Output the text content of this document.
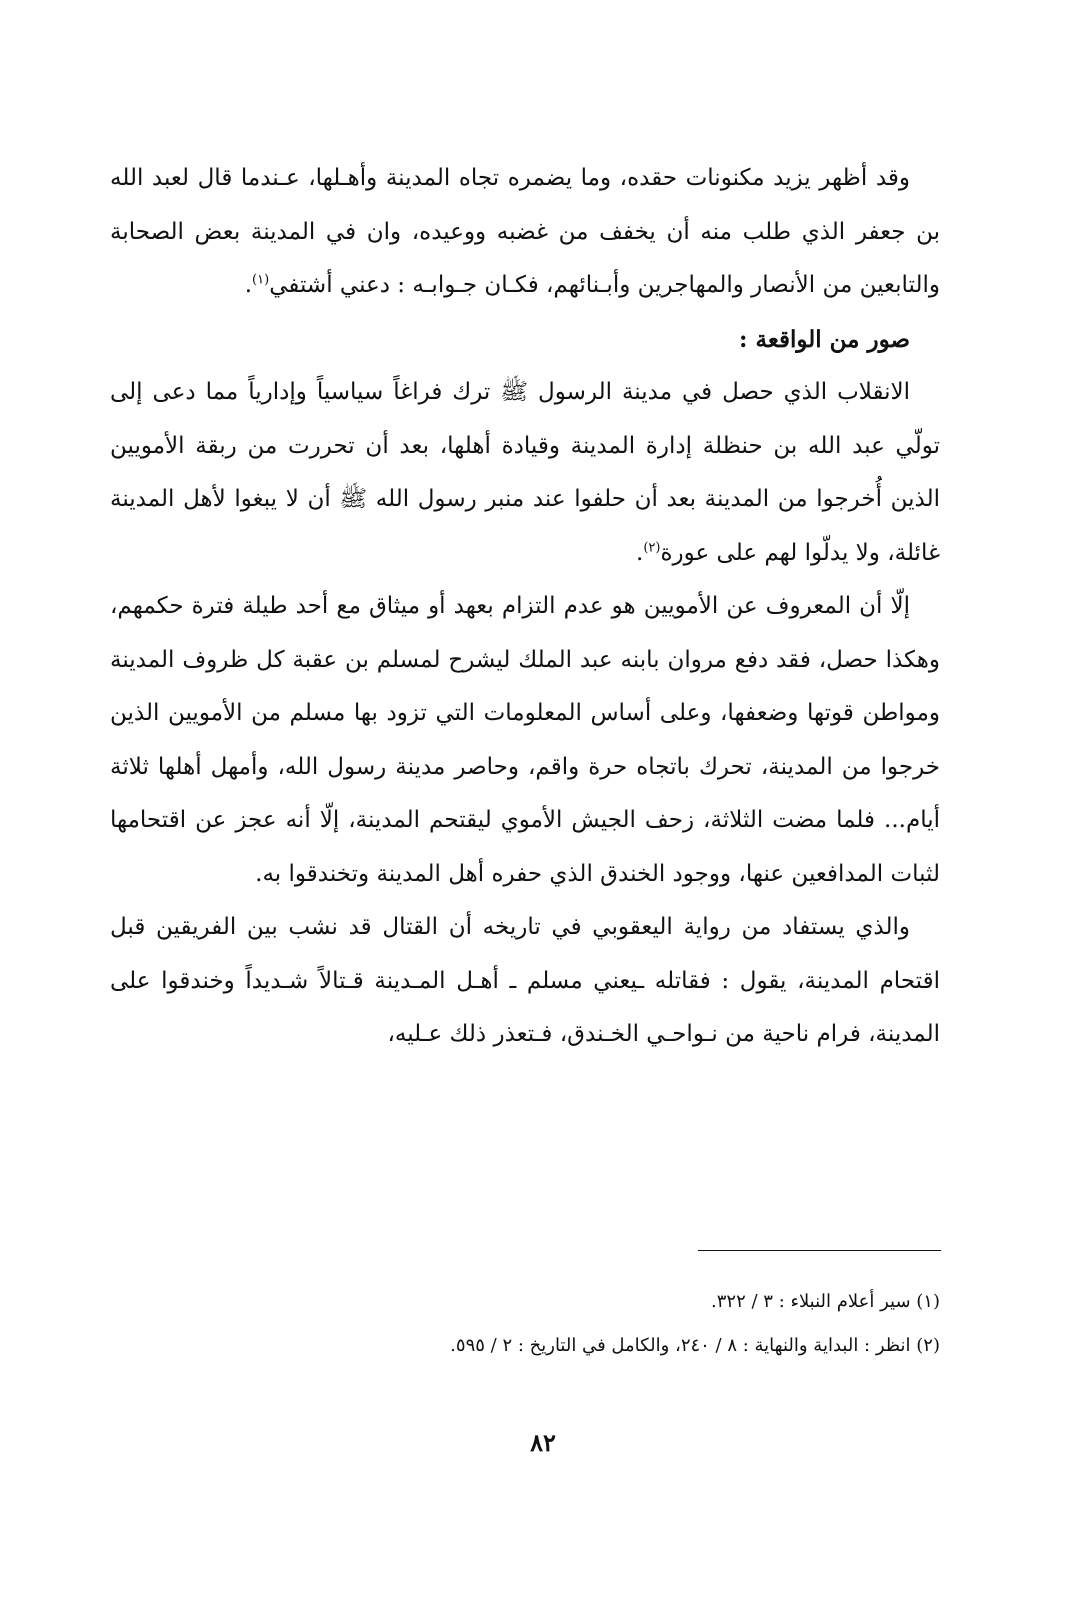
وقد أظهر يزيد مكنونات حقده، وما يضمره تجاه المدينة وأهـلها، عـندما قال لعبد الله بن جعفر الذي طلب منه أن يخفف من غضبه ووعيده، وان في المدينة بعض الصحابة والتابعين من الأنصار والمهاجرين وأبـنائهم، فكـان جـوابـه : دعني أشتفي$^{(١)}$.

صور من الواقعة :

الانقلاب الذي حصل في مدينة الرسول ﷺ ترك فراغاً سياسياً وإدارياً مما دعى إلى تولّي عبد الله بن حنظلة إدارة المدينة وقيادة أهلها، بعد أن تحررت من ربقة الأمويين الذين أُخرجوا من المدينة بعد أن حلفوا عند منبر رسول الله ﷺ أن لا يبغوا لأهل المدينة غائلة، ولا يدلّوا لهم على عورة$^{(٢)}$.

إلّا أن المعروف عن الأمويين هو عدم التزام بعهد أو ميثاق مع أحد طيلة فترة حكمهم، وهكذا حصل، فقد دفع مروان بابنه عبد الملك ليشرح لمسلم بن عقبة كل ظروف المدينة ومواطن قوتها وضعفها، وعلى أساس المعلومات التي تزود بها مسلم من الأمويين الذين خرجوا من المدينة، تحرك باتجاه حرة واقم، وحاصر مدينة رسول الله، وأمهل أهلها ثلاثة أيام... فلما مضت الثلاثة، زحف الجيش الأموي ليقتحم المدينة، إلّا أنه عجز عن اقتحامها لثبات المدافعين عنها، ووجود الخندق الذي حفره أهل المدينة وتخندقوا به.

والذي يستفاد من رواية اليعقوبي في تاريخه أن القتال قد نشب بين الفريقين قبل اقتحام المدينة، يقول : فقاتله ـيعني مسلم ـ أهـل المـدينة قـتالاً شـديداً وخندقوا على المدينة، فرام ناحية من نـواحـي الخـندق، فـتعذر ذلك عـليه،

(١) سير أعلام النبلاء : ٣ / ٣٢٢.

(٢) انظر : البداية والنهاية : ٨ / ٢٤٠، والكامل في التاريخ : ٢ / ٥٩٥.

٨٢
